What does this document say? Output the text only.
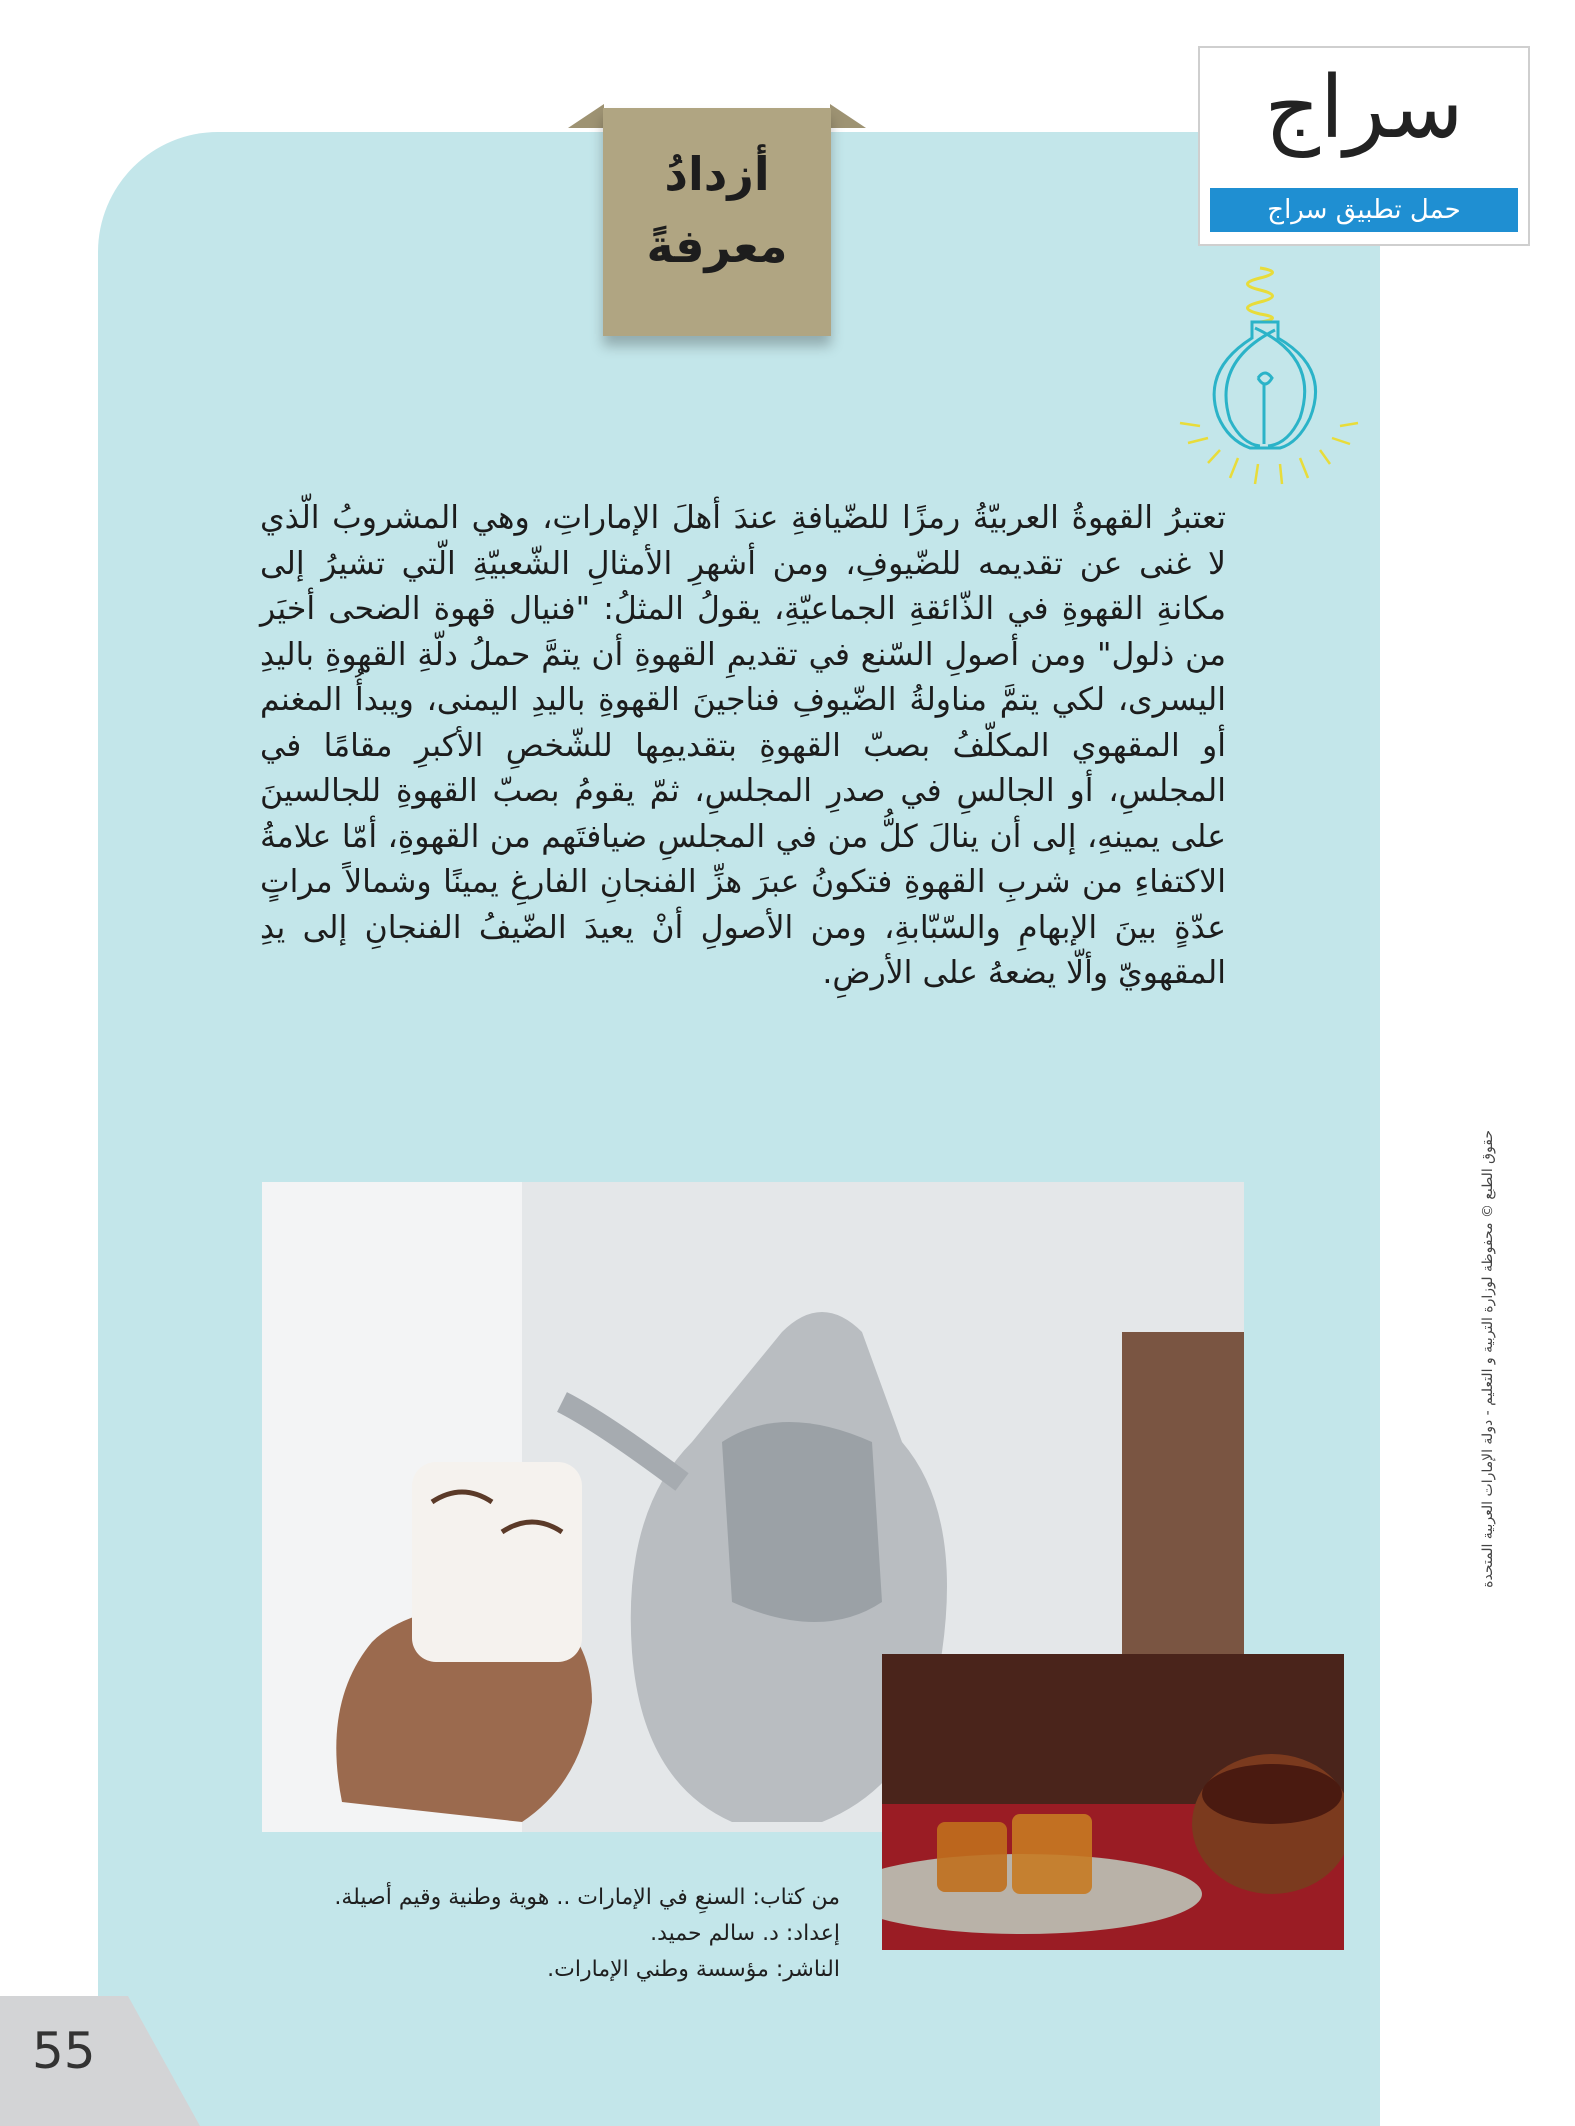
سراج
حمل تطبيق سراج
أزدادُ
معرفةً
تعتبرُ القهوةُ العربيّةُ رمزًا للضّيافةِ عندَ أهلَ الإماراتِ، وهي المشروبُ الّذي لا غنى عن تقديمه للضّيوفِ، ومن أشهرِ الأمثالِ الشّعبيّةِ الّتي تشيرُ إلى مكانةِ القهوةِ في الذّائقةِ الجماعيّةِ، يقولُ المثلُ: "فنيال قهوة الضحى أخيَر من ذلول" ومن أصولِ السّنع في تقديمِ القهوةِ أن يتمَّ حملُ دلّةِ القهوةِ باليدِ اليسرى، لكي يتمَّ مناولةُ الضّيوفِ فناجينَ القهوةِ باليدِ اليمنى، ويبدأُ المغنم أو المقهوي المكلّفُ بصبّ القهوةِ بتقديمِها للشّخصِ الأكبرِ مقامًا في المجلسِ، أو الجالسِ في صدرِ المجلسِ، ثمّ يقومُ بصبّ القهوةِ للجالسينَ على يمينهِ، إلى أن ينالَ كلُّ من في المجلسِ ضيافتَهم من القهوةِ، أمّا علامةُ الاكتفاءِ من شربِ القهوةِ فتكونُ عبرَ هزِّ الفنجانِ الفارغِ يمينًا وشمالاً مراتٍ عدّةٍ بينَ الإبهامِ والسّبّابةِ، ومن الأصولِ أنْ يعيدَ الضّيفُ الفنجانِ إلى يدِ المقهويّ وألّا يضعهُ على الأرضِ.
من كتاب: السنعِ في الإمارات .. هوية وطنية وقيم أصيلة.
إعداد: د. سالم حميد.
الناشر: مؤسسة وطني الإمارات.
حقوق الطبع © محفوظة لوزارة التربية و التعليم - دولة الإمارات العربية المتحدة
55
